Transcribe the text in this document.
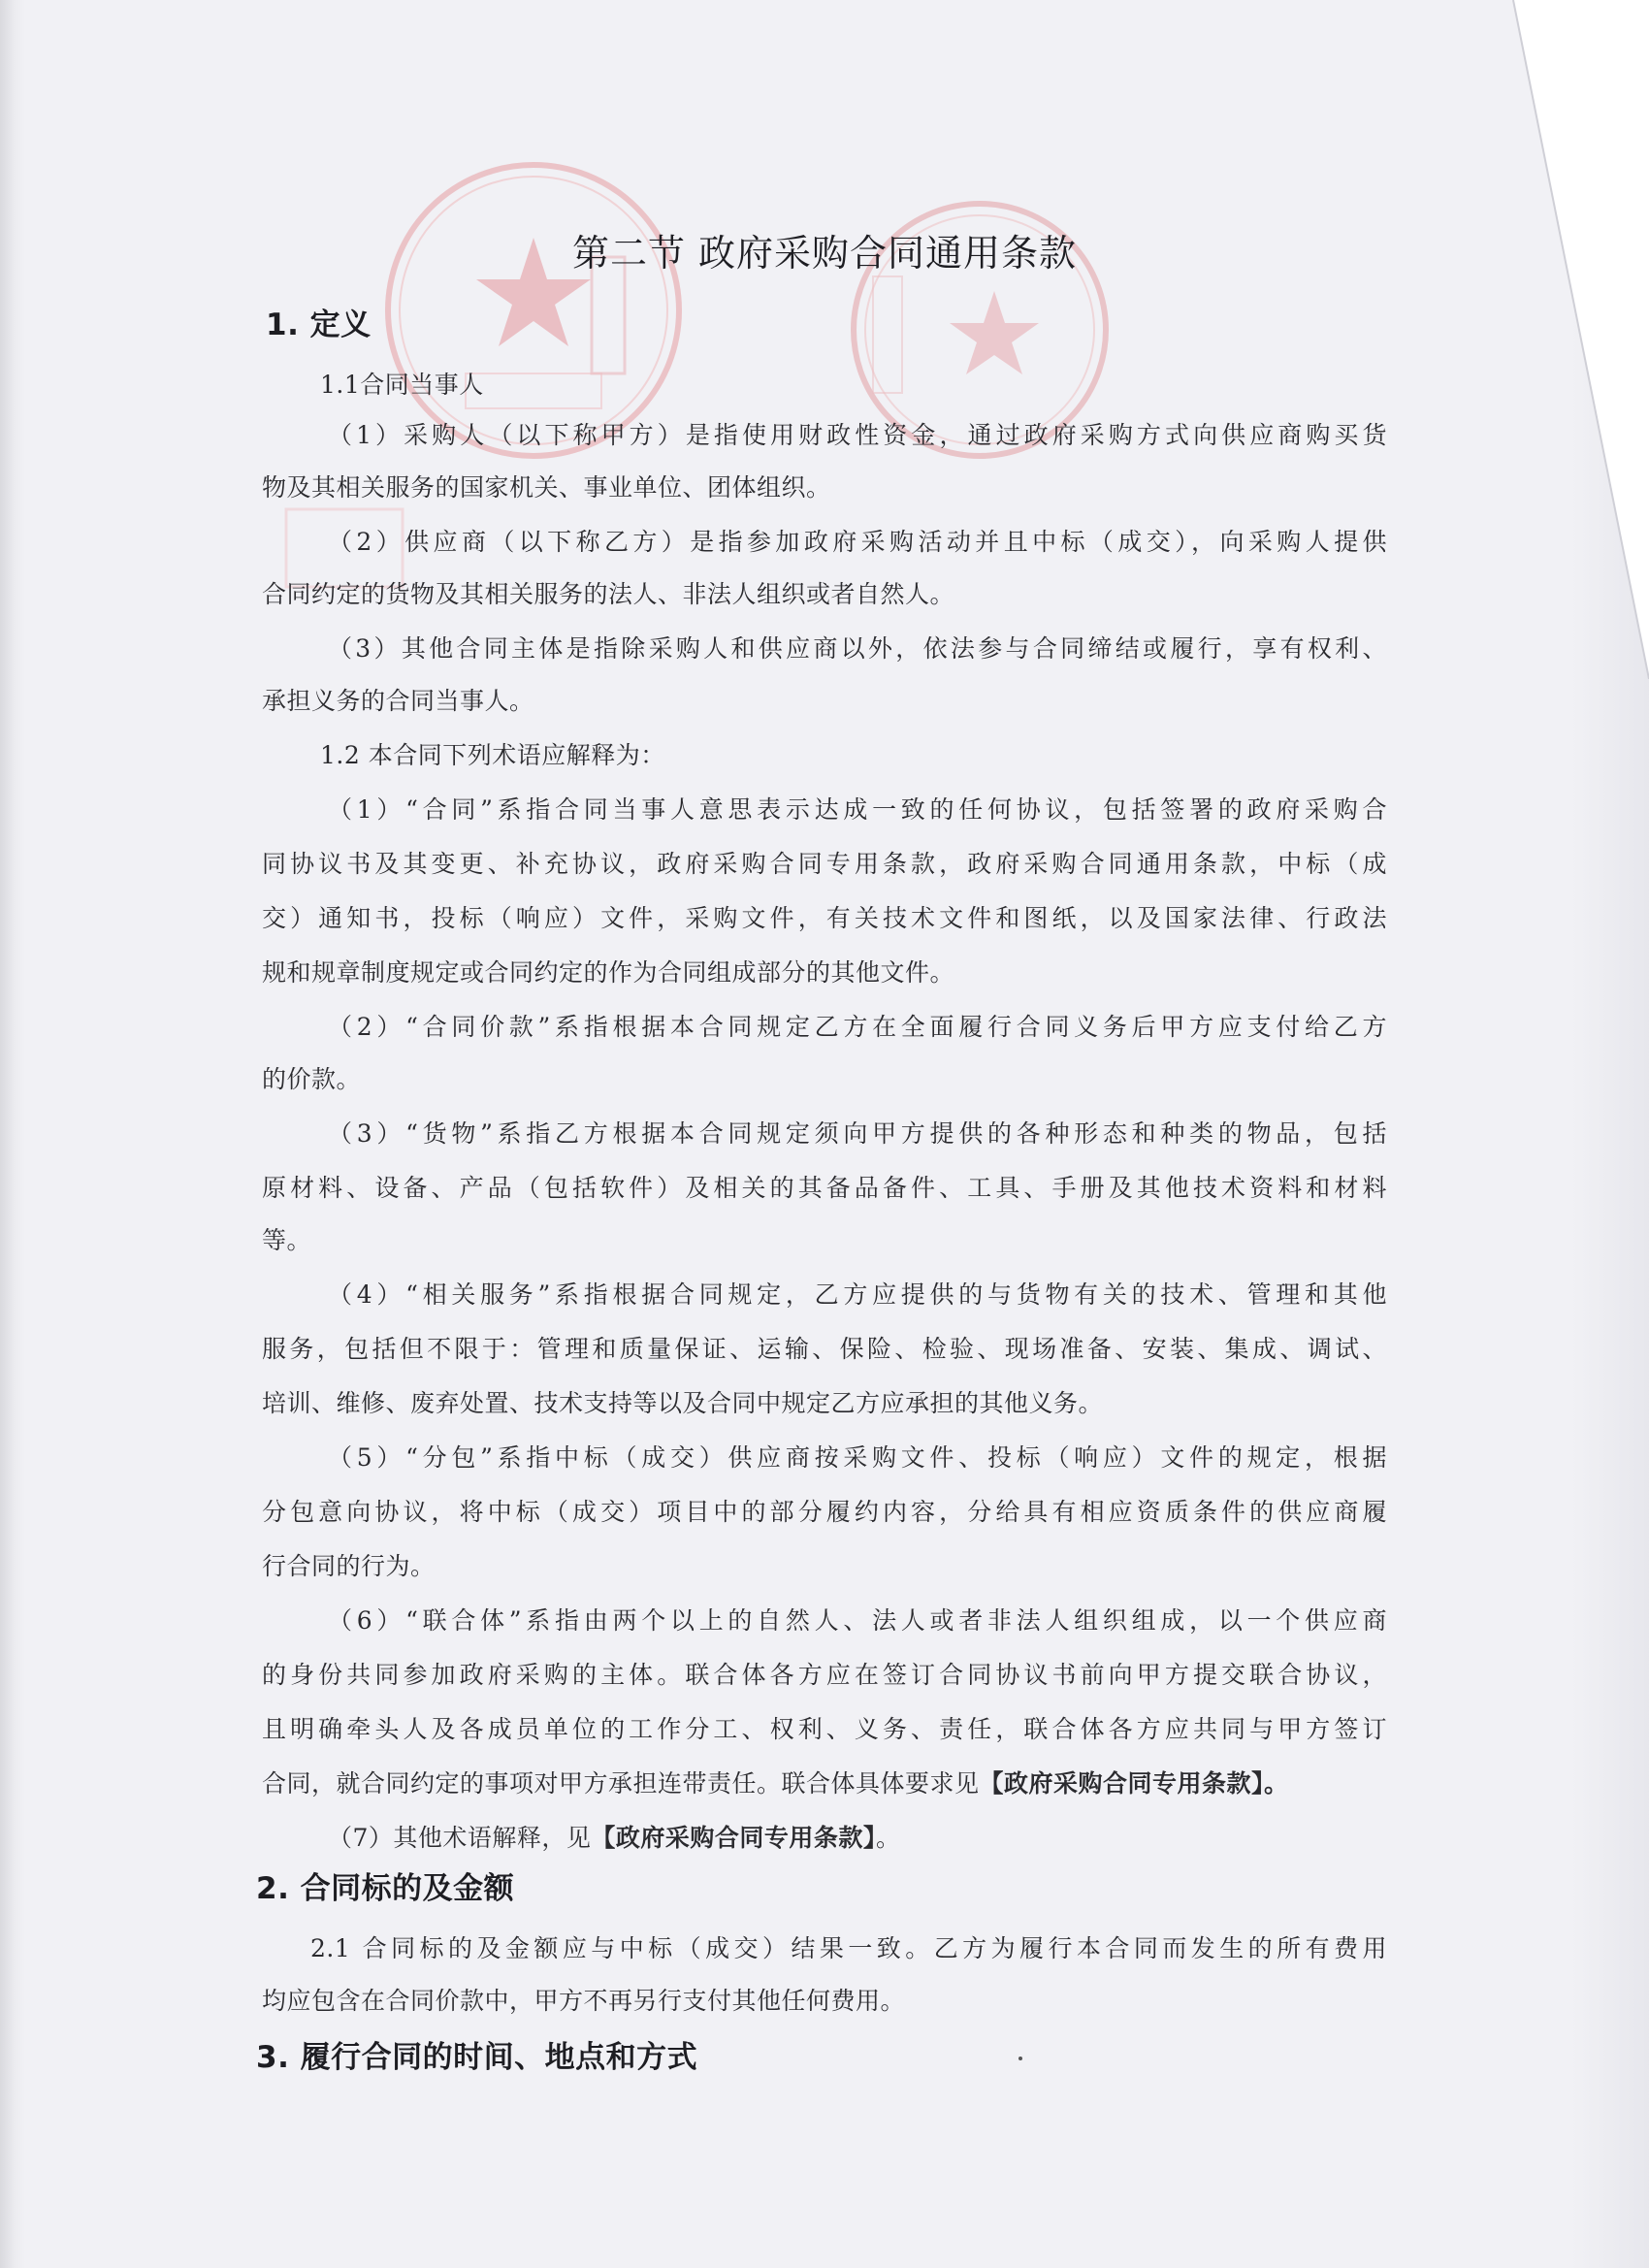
第二节 政府采购合同通用条款
1. 定义
1.1合同当事人
（1）采购人（以下称甲方）是指使用财政性资金，通过政府采购方式向供应商购买货
物及其相关服务的国家机关、事业单位、团体组织。
（2）供应商（以下称乙方）是指参加政府采购活动并且中标（成交），向采购人提供
合同约定的货物及其相关服务的法人、非法人组织或者自然人。
（3）其他合同主体是指除采购人和供应商以外，依法参与合同缔结或履行，享有权利、
承担义务的合同当事人。
1.2 本合同下列术语应解释为：
（1）“合同”系指合同当事人意思表示达成一致的任何协议，包括签署的政府采购合
同协议书及其变更、补充协议，政府采购合同专用条款，政府采购合同通用条款，中标（成
交）通知书，投标（响应）文件，采购文件，有关技术文件和图纸，以及国家法律、行政法
规和规章制度规定或合同约定的作为合同组成部分的其他文件。
（2）“合同价款”系指根据本合同规定乙方在全面履行合同义务后甲方应支付给乙方
的价款。
（3）“货物”系指乙方根据本合同规定须向甲方提供的各种形态和种类的物品，包括
原材料、设备、产品（包括软件）及相关的其备品备件、工具、手册及其他技术资料和材料
等。
（4）“相关服务”系指根据合同规定，乙方应提供的与货物有关的技术、管理和其他
服务，包括但不限于：管理和质量保证、运输、保险、检验、现场准备、安装、集成、调试、
培训、维修、废弃处置、技术支持等以及合同中规定乙方应承担的其他义务。
（5）“分包”系指中标（成交）供应商按采购文件、投标（响应）文件的规定，根据
分包意向协议，将中标（成交）项目中的部分履约内容，分给具有相应资质条件的供应商履
行合同的行为。
（6）“联合体”系指由两个以上的自然人、法人或者非法人组织组成，以一个供应商
的身份共同参加政府采购的主体。联合体各方应在签订合同协议书前向甲方提交联合协议，
且明确牵头人及各成员单位的工作分工、权利、义务、责任，联合体各方应共同与甲方签订
合同，就合同约定的事项对甲方承担连带责任。联合体具体要求见【政府采购合同专用条款】。
（7）其他术语解释，见【政府采购合同专用条款】。
2. 合同标的及金额
2.1 合同标的及金额应与中标（成交）结果一致。乙方为履行本合同而发生的所有费用
均应包含在合同价款中，甲方不再另行支付其他任何费用。
3. 履行合同的时间、地点和方式
